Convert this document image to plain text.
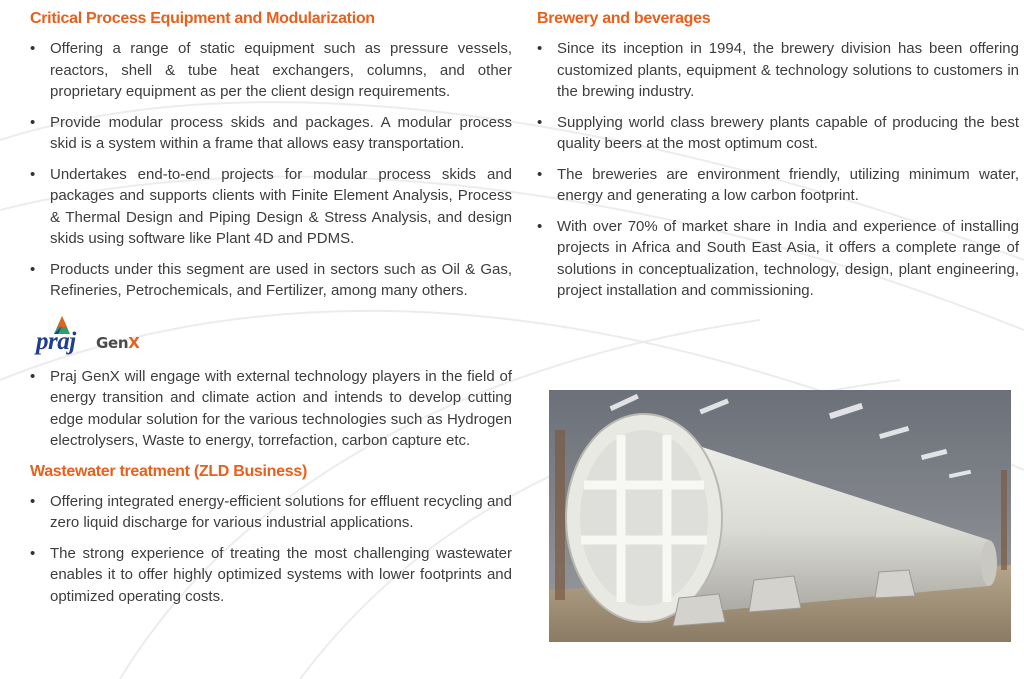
Critical Process Equipment and Modularization
• Offering a range of static equipment such as pressure vessels, reactors, shell & tube heat exchangers, columns, and other proprietary equipment as per the client design requirements.
• Provide modular process skids and packages. A modular process skid is a system within a frame that allows easy transportation.
• Undertakes end-to-end projects for modular process skids and packages and supports clients with Finite Element Analysis, Process & Thermal Design and Piping Design & Stress Analysis, and design skids using software like Plant 4D and PDMS.
• Products under this segment are used in sectors such as Oil & Gas, Refineries, Petrochemicals, and Fertilizer, among many others.
praj GenX
• Praj GenX will engage with external technology players in the field of energy transition and climate action and intends to develop cutting edge modular solution for the various technologies such as Hydrogen electrolysers, Waste to energy, torrefaction, carbon capture etc.
Wastewater treatment (ZLD Business)
• Offering integrated energy-efficient solutions for effluent recycling and zero liquid discharge for various industrial applications.
• The strong experience of treating the most challenging wastewater enables it to offer highly optimized systems with lower footprints and optimized operating costs.
Brewery and beverages
• Since its inception in 1994, the brewery division has been offering customized plants, equipment & technology solutions to customers in the brewing industry.
• Supplying world class brewery plants capable of producing the best quality beers at the most optimum cost.
• The breweries are environment friendly, utilizing minimum water, energy and generating a low carbon footprint.
• With over 70% of market share in India and experience of installing projects in Africa and South East Asia, it offers a complete range of solutions in conceptualization, technology, design, plant engineering, project installation and commissioning.
